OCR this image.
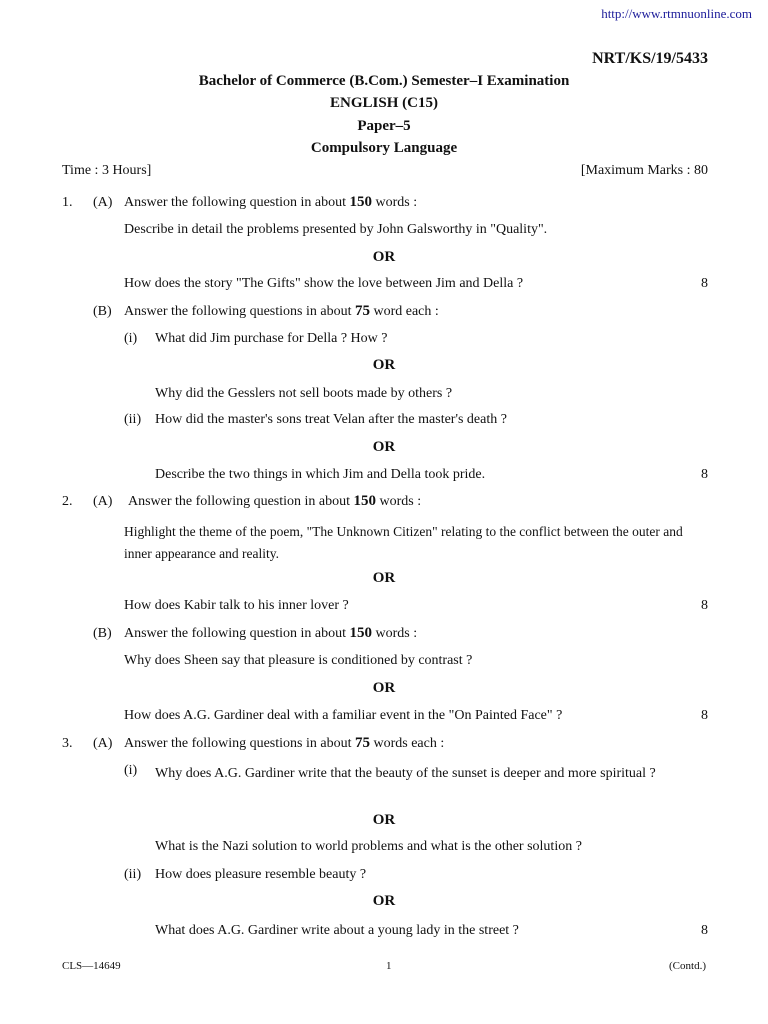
http://www.rtmnuonline.com
NRT/KS/19/5433
Bachelor of Commerce (B.Com.) Semester–I Examination
ENGLISH (C15)
Paper–5
Compulsory Language
Time : 3 Hours]	[Maximum Marks : 80
1. (A) Answer the following question in about 150 words :
Describe in detail the problems presented by John Galsworthy in "Quality".
OR
How does the story "The Gifts" show the love between Jim and Della ?	8
(B) Answer the following questions in about 75 word each :
(i) What did Jim purchase for Della ? How ?
OR
Why did the Gesslers not sell boots made by others ?
(ii) How did the master's sons treat Velan after the master's death ?
OR
Describe the two things in which Jim and Della took pride.	8
2. (A) Answer the following question in about 150 words :
Highlight the theme of the poem, "The Unknown Citizen" relating to the conflict between the outer and inner appearance and reality.
OR
How does Kabir talk to his inner lover ?	8
(B) Answer the following question in about 150 words :
Why does Sheen say that pleasure is conditioned by contrast ?
OR
How does A.G. Gardiner deal with a familiar event in the "On Painted Face" ?	8
3. (A) Answer the following questions in about 75 words each :
(i) Why does A.G. Gardiner write that the beauty of the sunset is deeper and more spiritual ?
OR
What is the Nazi solution to world problems and what is the other solution ?
(ii) How does pleasure resemble beauty ?
OR
What does A.G. Gardiner write about a young lady in the street ?	8
CLS—14649	1	(Contd.)
